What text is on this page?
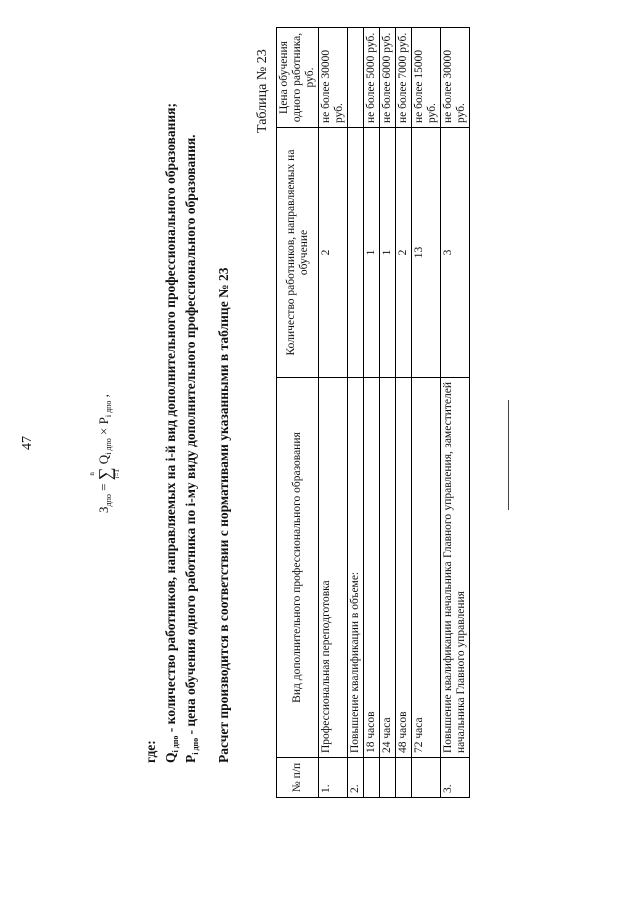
47
$З_{дпо}$ =
n ∑
i=1
$Q_{i дпо} \times P_{i дпо}$ ,
где: $Q_{i дпо}$ - количество работников, направляемых на i-й вид дополнительного профессионального образования;
$P_{i дпо}$ - цена обучения одного работника по i-му виду дополнительного профессионального образования. Расчет производится в соответствии с нормативами указанными в таблице № 23
Таблица № 23
№ п/п	Вид дополнительного профессионального образования	Количество работников, направляемых на обучение	Цена обучения одного работника, руб.
1.	Профессиональная переподготовка	2	не более 30000 руб.
2.	Повышение квалификации в объеме:		
	18 часов	1	не более 5000 руб.
	24 часа	1	не более 6000 руб.
	48 часов	2	не более 7000 руб.
	72 часа	13	не более 15000 руб.
3.	Повышение квалификации начальника Главного управления, заместителей начальника Главного управления	3	не более 30000 руб.
